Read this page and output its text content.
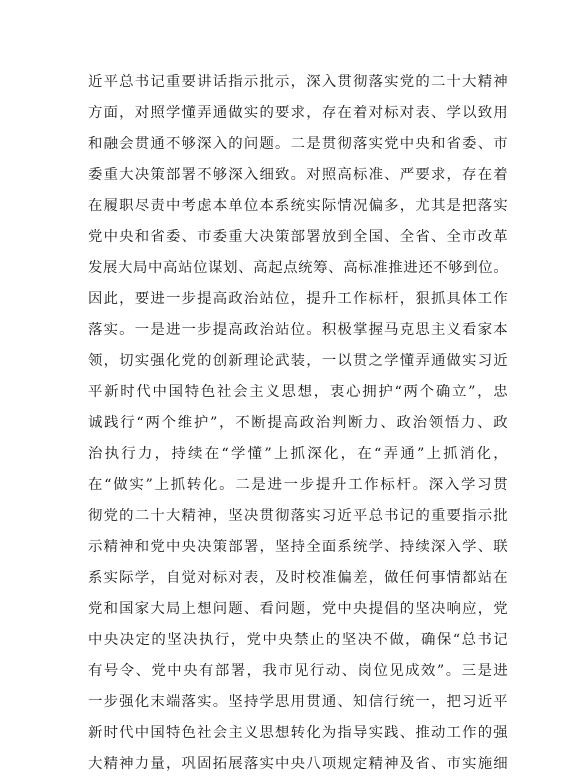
近平总书记重要讲话指示批示，深入贯彻落实党的二十大精神
方面，对照学懂弄通做实的要求，存在着对标对表、学以致用
和融会贯通不够深入的问题。二是贯彻落实党中央和省委、市
委重大决策部署不够深入细致。对照高标准、严要求，存在着
在履职尽责中考虑本单位本系统实际情况偏多，尤其是把落实
党中央和省委、市委重大决策部署放到全国、全省、全市改革
发展大局中高站位谋划、高起点统筹、高标准推进还不够到位。
因此，要进一步提高政治站位，提升工作标杆，狠抓具体工作
落实。一是进一步提高政治站位。积极掌握马克思主义看家本
领，切实强化党的创新理论武装，一以贯之学懂弄通做实习近
平新时代中国特色社会主义思想，衷心拥护“两个确立”，忠
诚践行“两个维护”，不断提高政治判断力、政治领悟力、政
治执行力，持续在“学懂”上抓深化，在“弄通”上抓消化，
在“做实”上抓转化。二是进一步提升工作标杆。深入学习贯
彻党的二十大精神，坚决贯彻落实习近平总书记的重要指示批
示精神和党中央决策部署，坚持全面系统学、持续深入学、联
系实际学，自觉对标对表，及时校准偏差，做任何事情都站在
党和国家大局上想问题、看问题，党中央提倡的坚决响应，党
中央决定的坚决执行，党中央禁止的坚决不做，确保“总书记
有号令、党中央有部署，我市见行动、岗位见成效”。三是进
一步强化末端落实。坚持学思用贯通、知信行统一，把习近平
新时代中国特色社会主义思想转化为指导实践、推动工作的强
大精神力量，巩固拓展落实中央八项规定精神及省、市实施细
